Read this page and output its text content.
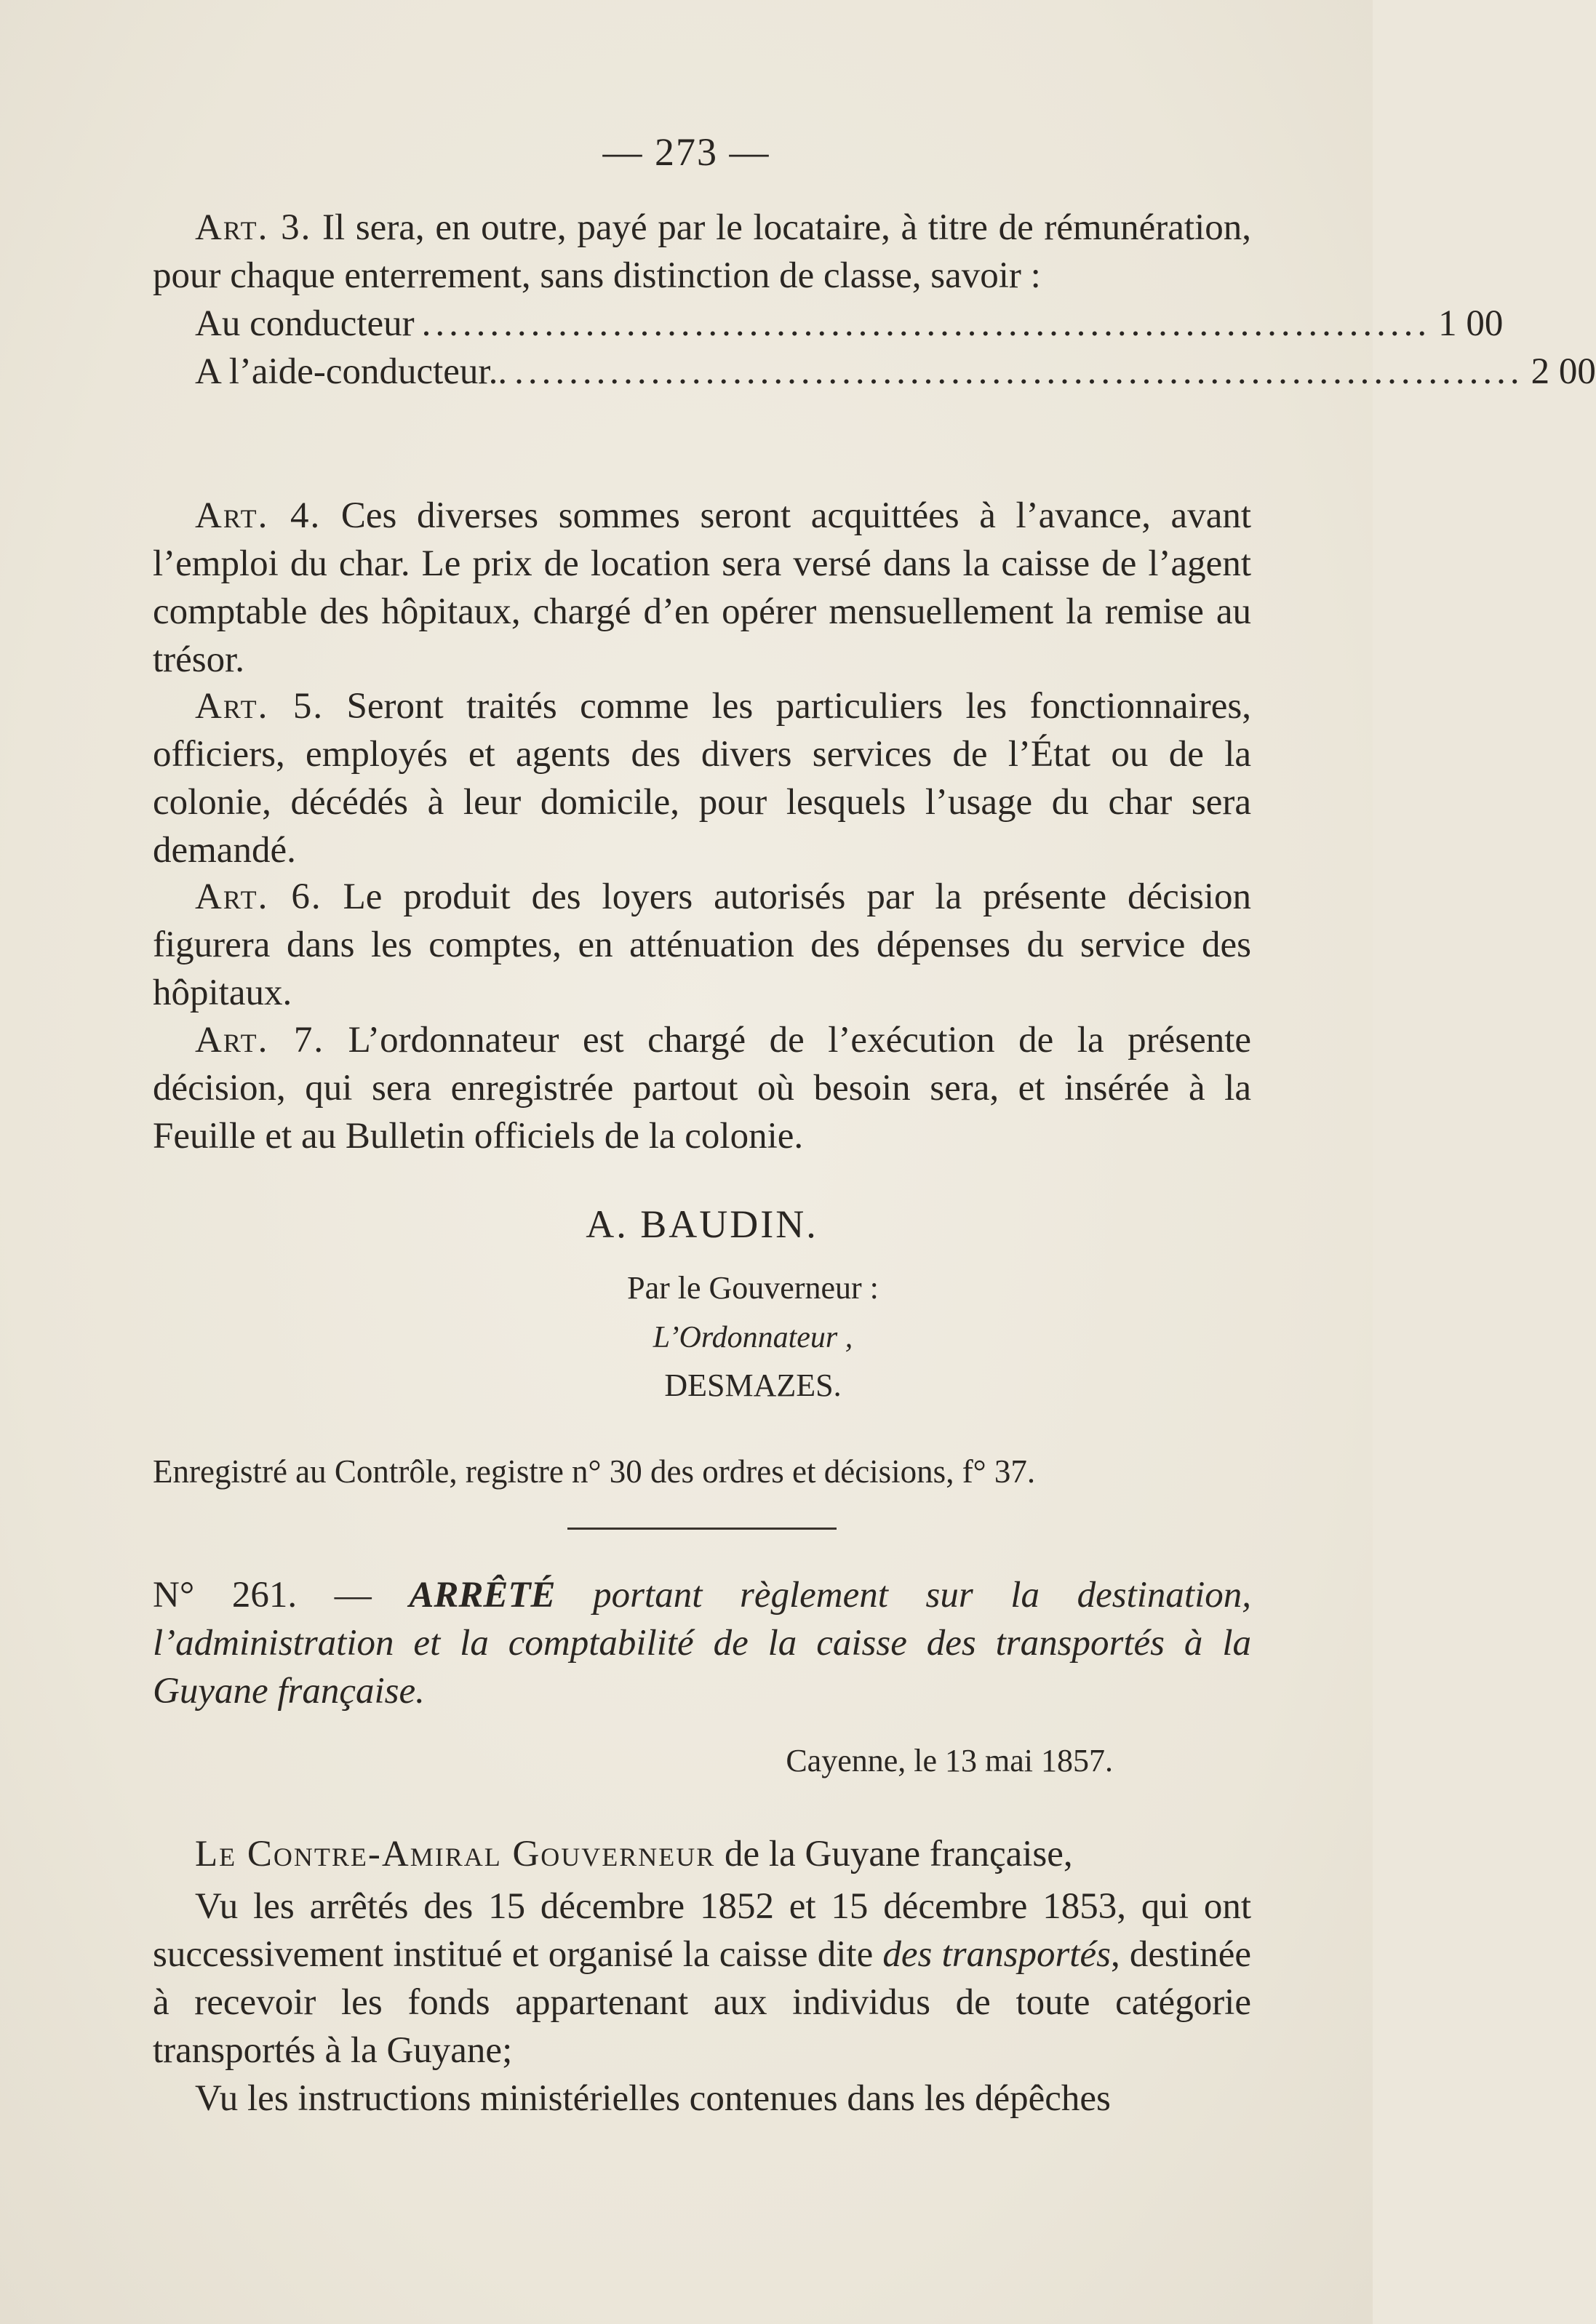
— 273 —

Art. 3. Il sera, en outre, payé par le locataire, à titre de rémunération, pour chaque enterrement, sans distinction de classe, savoir :

Au conducteur .......................................................................... 1 00
A l’aide-conducteur.. .......................................................................... 2 00

Art. 4. Ces diverses sommes seront acquittées à l’avance, avant l’emploi du char. Le prix de location sera versé dans la caisse de l’agent comptable des hôpitaux, chargé d’en opérer mensuellement la remise au trésor.

Art. 5. Seront traités comme les particuliers les fonctionnaires, officiers, employés et agents des divers services de l’État ou de la colonie, décédés à leur domicile, pour lesquels l’usage du char sera demandé.

Art. 6. Le produit des loyers autorisés par la présente décision figurera dans les comptes, en atténuation des dépenses du service des hôpitaux.

Art. 7. L’ordonnateur est chargé de l’exécution de la présente décision, qui sera enregistrée partout où besoin sera, et insérée à la Feuille et au Bulletin officiels de la colonie.

A. BAUDIN.

Par le Gouverneur :

L’Ordonnateur ,

DESMAZES.

Enregistré au Contrôle, registre n° 30 des ordres et décisions, f° 37.

N° 261. — ARRÊTÉ portant règlement sur la destination, l’administration et la comptabilité de la caisse des transportés à la Guyane française.

Cayenne, le 13 mai 1857.

Le Contre-Amiral Gouverneur de la Guyane française,

Vu les arrêtés des 15 décembre 1852 et 15 décembre 1853, qui ont successivement institué et organisé la caisse dite des transportés, destinée à recevoir les fonds appartenant aux individus de toute catégorie transportés à la Guyane;

Vu les instructions ministérielles contenues dans les dépêches
